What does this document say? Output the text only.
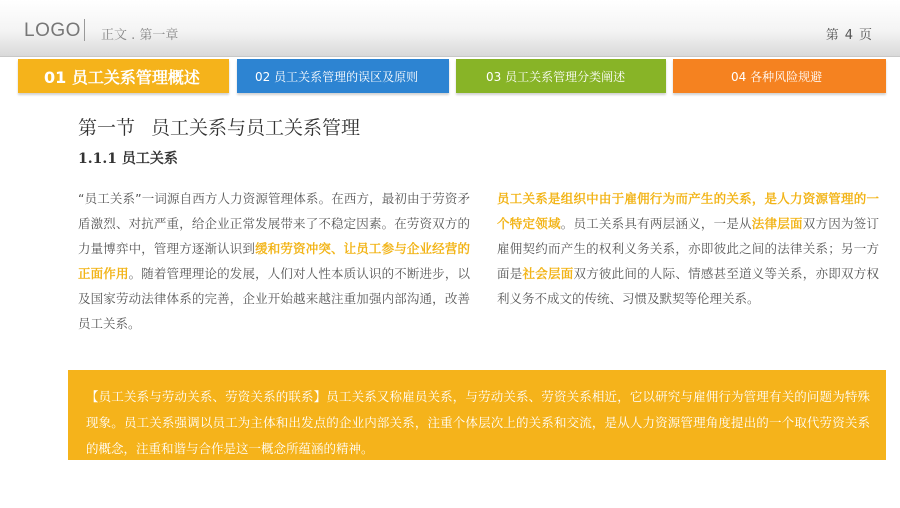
LOGO 正文 . 第一章	第 4 页
01 员工关系管理概述	02 员工关系管理的误区及原则	03 员工关系管理分类阐述	04 各种风险规避
第一节 员工关系与员工关系管理
1.1.1 员工关系
“员工关系”一词源自西方人力资源管理体系。在西方，最初由于劳资矛盾激烈、对抗严重，给企业正常发展带来了不稳定因素。在劳资双方的力量博弈中，管理方逐渐认识到缓和劳资冲突、让员工参与企业经营的正面作用。随着管理理论的发展，人们对人性本质认识的不断进步，以及国家劳动法律体系的完善，企业开始越来越注重加强内部沟通，改善员工关系。
员工关系是组织中由于雇佣行为而产生的关系，是人力资源管理的一个特定领域。员工关系具有两层涵义，一是从法律层面双方因为签订雇佣契约而产生的权利义务关系，亦即彼此之间的法律关系；另一方面是社会层面双方彼此间的人际、情感甚至道义等关系，亦即双方权利义务不成文的传统、习惯及默契等伦理关系。
【员工关系与劳动关系、劳资关系的联系】员工关系又称雇员关系，与劳动关系、劳资关系相近，它以研究与雇佣行为管理有关的问题为特殊现象。员工关系强调以员工为主体和出发点的企业内部关系，注重个体层次上的关系和交流，是从人力资源管理角度提出的一个取代劳资关系的概念，注重和谐与合作是这一概念所蕴涵的精神。
